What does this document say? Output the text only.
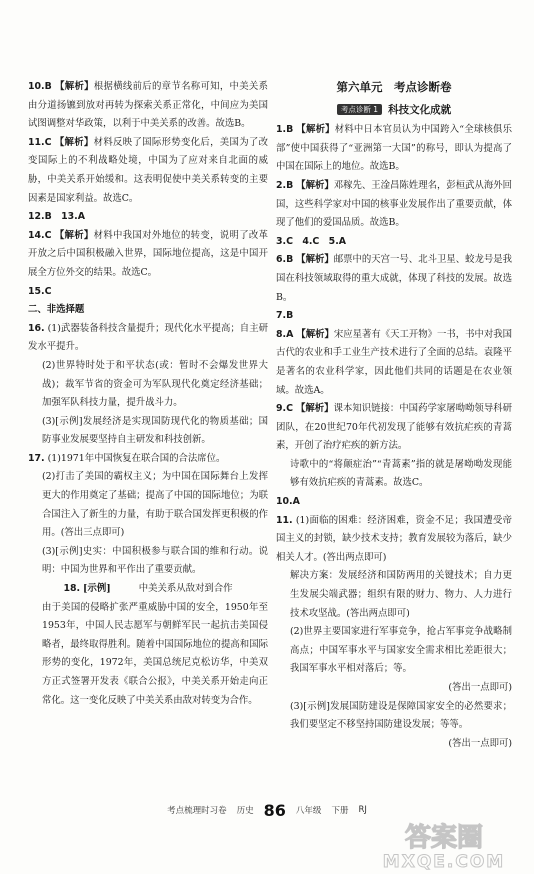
10.B 【解析】根据横线前后的章节名称可知，中美关系由分道扬镳到放对再转为探索关系正常化，中间应为美国试图调整对华政策，以利于中美关系的改善。故选B。

11.C 【解析】材料反映了国际形势变化后，美国为了改变国际上的不利战略处境，中国为了应对来自北面的威胁，中美关系开始缓和。这表明促使中美关系转变的主要因素是国家利益。故选C。

12.B　13.A

14.C 【解析】材料中我国对外地位的转变，说明了改革开放之后中国积极融入世界，国际地位提高，这是中国开展全方位外交的结果。故选C。

15.C

二、非选择题

16. (1)武器装备科技含量提升；现代化水平提高；自主研发水平提升。

(2)世界特时处于和平状态(或：暂时不会爆发世界大战)；裁军节省的资金可为军队现代化奠定经济基础；加强军队科技力量，提升战斗力。

(3)[示例]发展经济是实现国防现代化的物质基础；国防事业发展要坚持自主研发和科技创新。

17. (1)1971年中国恢复在联合国的合法席位。

(2)打击了美国的霸权主义；为中国在国际舞台上发挥更大的作用奠定了基础；提高了中国的国际地位；为联合国注入了新生的力量，有助于联合国发挥更积极的作用。(答出三点即可)

(3)[示例]史实：中国积极参与联合国的维和行动。说明：中国为世界和平作出了重要贡献。

18. [示例]　　　	中美关系从敌对到合作

由于美国的侵略扩张严重威胁中国的安全，1950年至1953年，中国人民志愿军与朝鲜军民一起抗击美国侵略者，最终取得胜利。随着中国国际地位的提高和国际形势的变化，1972年，美国总统尼克松访华，中美双方正式签署开发表《联合公报》，中美关系开始走向正常化。这一变化反映了中美关系由敌对转变为合作。

第六单元　考点诊断卷

考点诊断 1 科技文化成就

1.B 【解析】材料中日本官员认为中国跨入“全球核俱乐部”使中国获得了“亚洲第一大国”的称号，即认为提高了中国在国际上的地位。故选B。

2.B 【解析】邓稼先、王淦昌陈姓理名，彭桓武从海外回国，这些科学家对中国的核事业发展作出了重要贡献，体现了他们的爱国品质。故选B。

3.C　4.C　5.A

6.B 【解析】邮票中的天宫一号、北斗卫星、蛟龙号是我国在科技领域取得的重大成就，体现了科技的发展。故选B。

7.B

8.A 【解析】宋应星著有《天工开物》一书，书中对我国古代的农业和手工业生产技术进行了全面的总结。袁隆平是著名的农业科学家，因此他们共同的话题是在农业领域。故选A。

9.C 【解析】课本知识链接：中国药学家屠呦呦领导科研团队，在20世纪70年代初发现了能够有效抗疟疾的青蒿素，开创了治疗疟疾的新方法。

诗歌中的“将颠症治”“青蒿素”指的就是屠呦呦发现能够有效抗疟疾的青蒿素。故选C。

10.A

11. (1)面临的困难：经济困难，资金不足；我国遭受帝国主义的封锁，缺少技术支持；教育发展较为落后，缺少相关人才。(答出两点即可)

解决方案：发展经济和国防两用的关键技术；自力更生发展尖端武器；组织有限的财力、物力、人力进行技术攻坚战。(答出两点即可)

(2)世界主要国家进行军事竞争，抢占军事竞争战略制高点；中国军事水平与国家安全需求相比差距很大；我国军事水平相对落后；等。

(答出一点即可)

(3)[示例]发展国防建设是保障国家安全的必然要求；我们要坚定不移坚持国防建设发展；等等。

(答出一点即可)

考点梳理时习卷 历史 86 八年级 下册 RJ
答案圈
MXQE.COM
